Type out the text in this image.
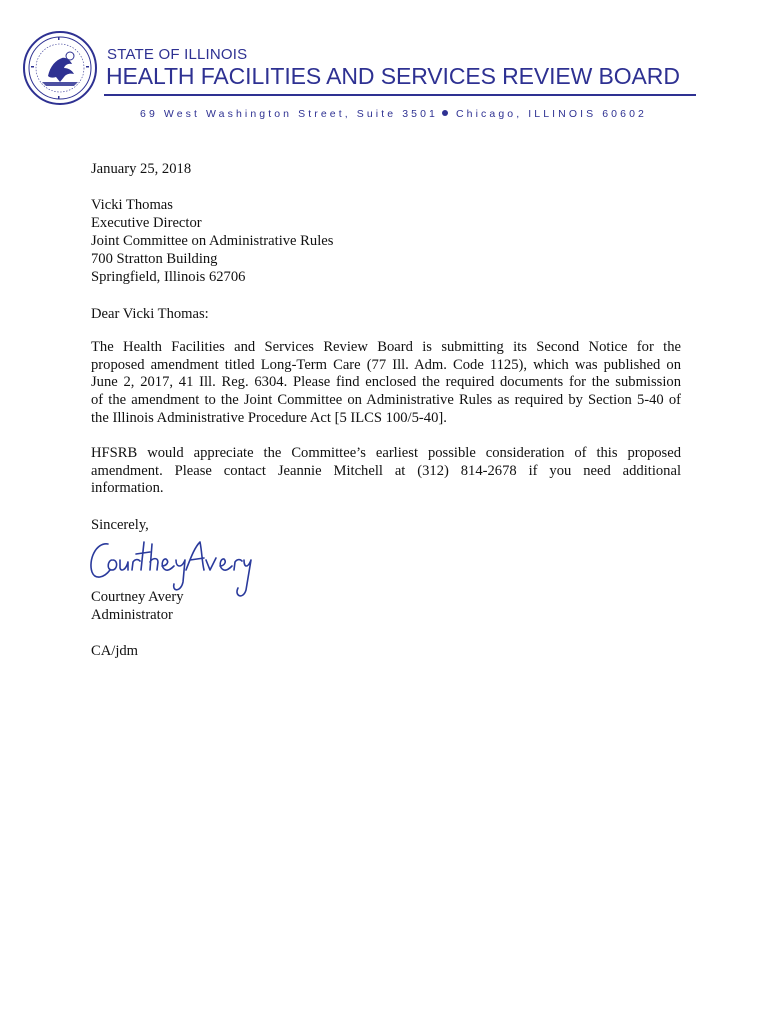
STATE OF ILLINOIS
HEALTH FACILITIES AND SERVICES REVIEW BOARD
69 West Washington Street, Suite 3501 Chicago, ILLINOIS 60602
January 25, 2018
Vicki Thomas
Executive Director
Joint Committee on Administrative Rules
700 Stratton Building
Springfield, Illinois 62706
Dear Vicki Thomas:
The Health Facilities and Services Review Board is submitting its Second Notice for the
proposed amendment titled Long-Term Care (77 Ill. Adm. Code 1125), which was published on
June 2, 2017, 41 Ill. Reg. 6304. Please find enclosed the required documents for the submission
of the amendment to the Joint Committee on Administrative Rules as required by Section 5-40 of
the Illinois Administrative Procedure Act [5 ILCS 100/5-40].
HFSRB would appreciate the Committee’s earliest possible consideration of this proposed
amendment. Please contact Jeannie Mitchell at (312) 814-2678 if you need additional
information.
Sincerely,
Courtney Avery
Administrator
CA/jdm
